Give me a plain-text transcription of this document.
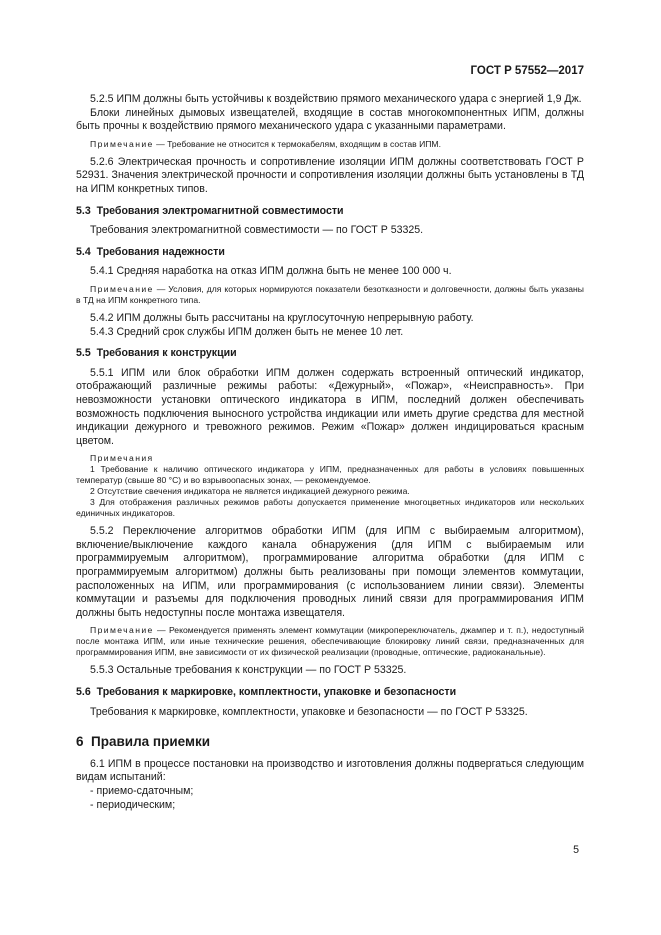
ГОСТ Р 57552—2017

5.2.5 ИПМ должны быть устойчивы к воздействию прямого механического удара с энергией 1,9 Дж.

Блоки линейных дымовых извещателей, входящие в состав многокомпонентных ИПМ, должны быть прочны к воздействию прямого механического удара с указанными параметрами.

Примечание — Требование не относится к термокабелям, входящим в состав ИПМ.

5.2.6 Электрическая прочность и сопротивление изоляции ИПМ должны соответствовать ГОСТ Р 52931. Значения электрической прочности и сопротивления изоляции должны быть установлены в ТД на ИПМ конкретных типов.

5.3 Требования электромагнитной совместимости

Требования электромагнитной совместимости — по ГОСТ Р 53325.

5.4 Требования надежности

5.4.1 Средняя наработка на отказ ИПМ должна быть не менее 100 000 ч.

Примечание — Условия, для которых нормируются показатели безотказности и долговечности, должны быть указаны в ТД на ИПМ конкретного типа.

5.4.2 ИПМ должны быть рассчитаны на круглосуточную непрерывную работу.

5.4.3 Средний срок службы ИПМ должен быть не менее 10 лет.

5.5 Требования к конструкции

5.5.1 ИПМ или блок обработки ИПМ должен содержать встроенный оптический индикатор, отображающий различные режимы работы: «Дежурный», «Пожар», «Неисправность». При невозможности установки оптического индикатора в ИПМ, последний должен обеспечивать возможность подключения выносного устройства индикации или иметь другие средства для местной индикации дежурного и тревожного режимов. Режим «Пожар» должен индицироваться красным цветом.

Примечания
1 Требование к наличию оптического индикатора у ИПМ, предназначенных для работы в условиях повышенных температур (свыше 80 °С) и во взрывоопасных зонах, — рекомендуемое.
2 Отсутствие свечения индикатора не является индикацией дежурного режима.
3 Для отображения различных режимов работы допускается применение многоцветных индикаторов или нескольких единичных индикаторов.

5.5.2 Переключение алгоритмов обработки ИПМ (для ИПМ с выбираемым алгоритмом), включение/выключение каждого канала обнаружения (для ИПМ с выбираемым или программируемым алгоритмом), программирование алгоритма обработки (для ИПМ с программируемым алгоритмом) должны быть реализованы при помощи элементов коммутации, расположенных на ИПМ, или программирования (с использованием линии связи). Элементы коммутации и разъемы для подключения проводных линий связи для программирования ИПМ должны быть недоступны после монтажа извещателя.

Примечание — Рекомендуется применять элемент коммутации (микропереключатель, джампер и т. п.), недоступный после монтажа ИПМ, или иные технические решения, обеспечивающие блокировку линий связи, предназначенных для программирования ИПМ, вне зависимости от их физической реализации (проводные, оптические, радиоканальные).

5.5.3 Остальные требования к конструкции — по ГОСТ Р 53325.

5.6 Требования к маркировке, комплектности, упаковке и безопасности

Требования к маркировке, комплектности, упаковке и безопасности — по ГОСТ Р 53325.

6 Правила приемки

6.1 ИПМ в процессе постановки на производство и изготовления должны подвергаться следующим видам испытаний:

- приемо-сдаточным;

- периодическим;

5
